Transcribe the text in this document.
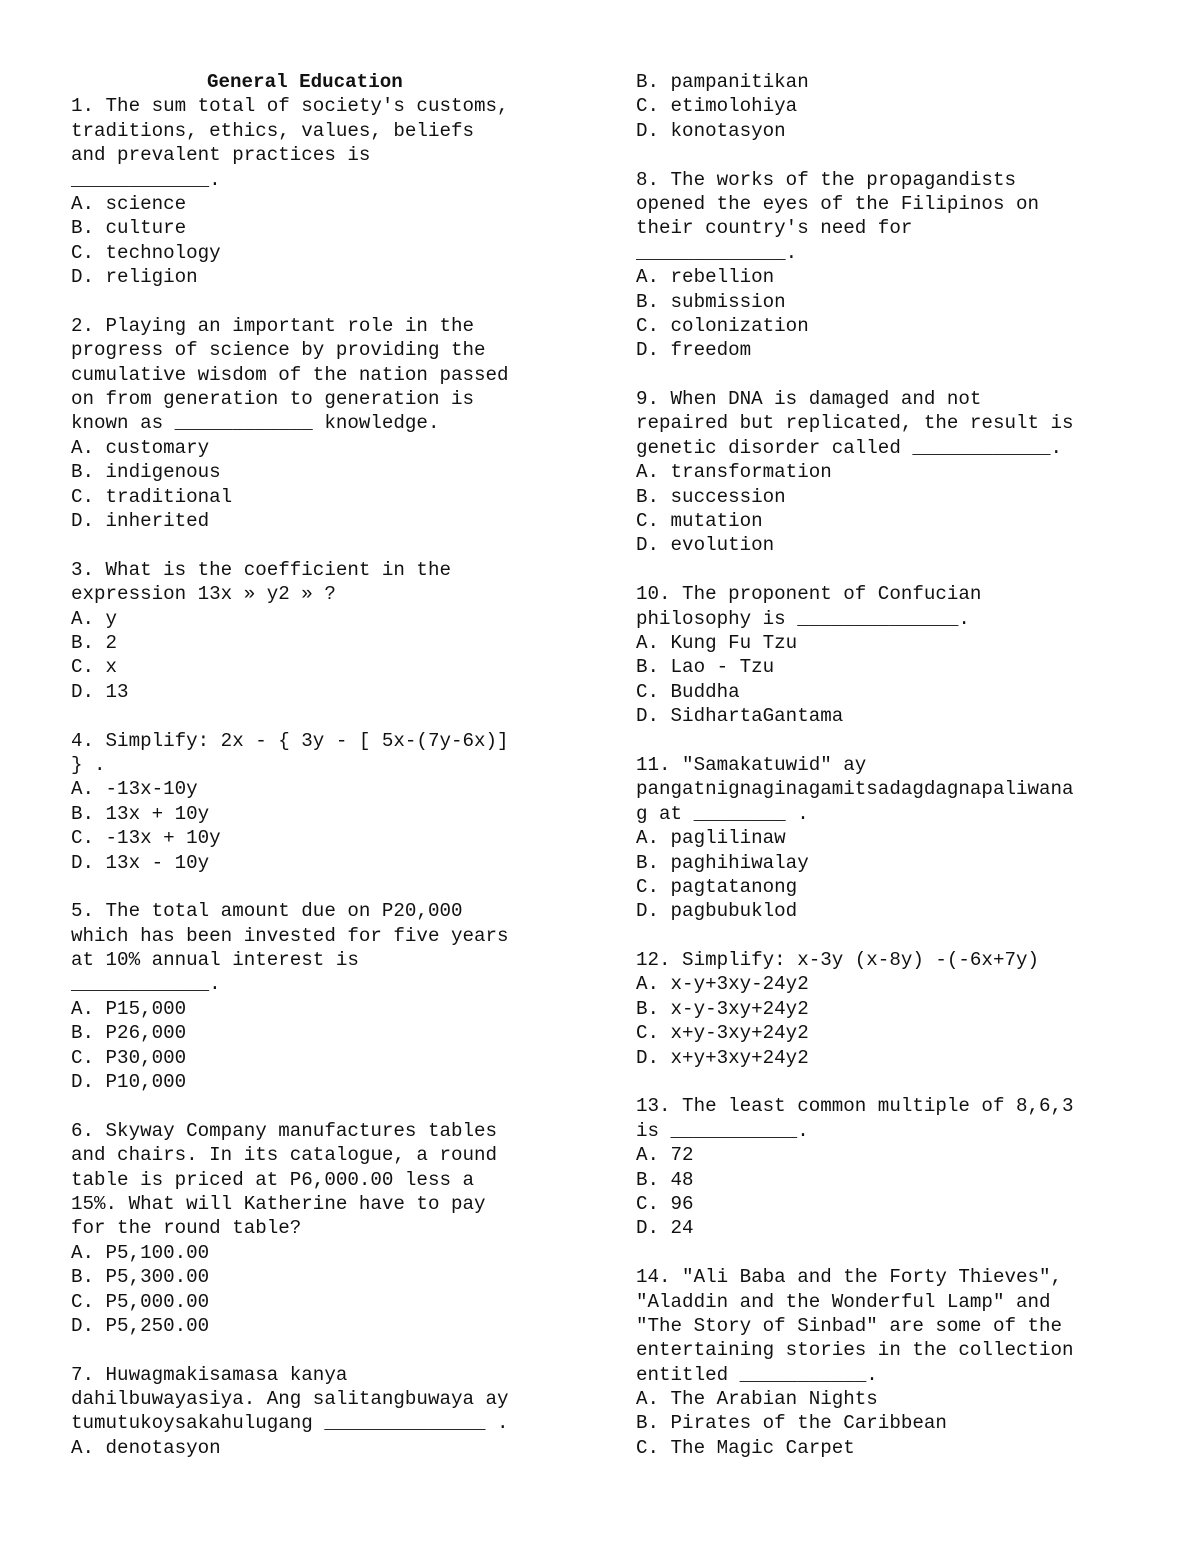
General Education
1. The sum total of society's customs,
traditions, ethics, values, beliefs
and prevalent practices is
____________.
A. science
B. culture
C. technology
D. religion
2. Playing an important role in the
progress of science by providing the
cumulative wisdom of the nation passed
on from generation to generation is
known as ____________ knowledge.
A. customary
B. indigenous
C. traditional
D. inherited
3. What is the coefficient in the
expression 13x » y2 » ?
A. y
B. 2
C. x
D. 13
4. Simplify: 2x - { 3y - [ 5x-(7y-6x)]
} .
A. -13x-10y
B. 13x + 10y
C. -13x + 10y
D. 13x - 10y
5. The total amount due on P20,000
which has been invested for five years
at 10% annual interest is
____________.
A. P15,000
B. P26,000
C. P30,000
D. P10,000
6. Skyway Company manufactures tables
and chairs. In its catalogue, a round
table is priced at P6,000.00 less a
15%. What will Katherine have to pay
for the round table?
A. P5,100.00
B. P5,300.00
C. P5,000.00
D. P5,250.00
7. Huwagmakisamasa kanya
dahilbuwayasiya. Ang salitangbuwaya ay
tumutukoysakahulugang ______________ .
A. denotasyon
B. pampanitikan
C. etimolohiya
D. konotasyon
8. The works of the propagandists
opened the eyes of the Filipinos on
their country's need for
_____________.
A. rebellion
B. submission
C. colonization
D. freedom
9. When DNA is damaged and not
repaired but replicated, the result is
genetic disorder called ____________.
A. transformation
B. succession
C. mutation
D. evolution
10. The proponent of Confucian
philosophy is ______________.
A. Kung Fu Tzu
B. Lao - Tzu
C. Buddha
D. SidhartaGantama
11. "Samakatuwid" ay
pangatnignaginagamitsadagdagnapaliwana
g at ________ .
A. paglilinaw
B. paghihiwalay
C. pagtatanong
D. pagbubuklod
12. Simplify: x-3y (x-8y) -(-6x+7y)
A. x-y+3xy-24y2
B. x-y-3xy+24y2
C. x+y-3xy+24y2
D. x+y+3xy+24y2
13. The least common multiple of 8,6,3
is ___________.
A. 72
B. 48
C. 96
D. 24
14. "Ali Baba and the Forty Thieves",
"Aladdin and the Wonderful Lamp" and
"The Story of Sinbad" are some of the
entertaining stories in the collection
entitled ___________.
A. The Arabian Nights
B. Pirates of the Caribbean
C. The Magic Carpet
